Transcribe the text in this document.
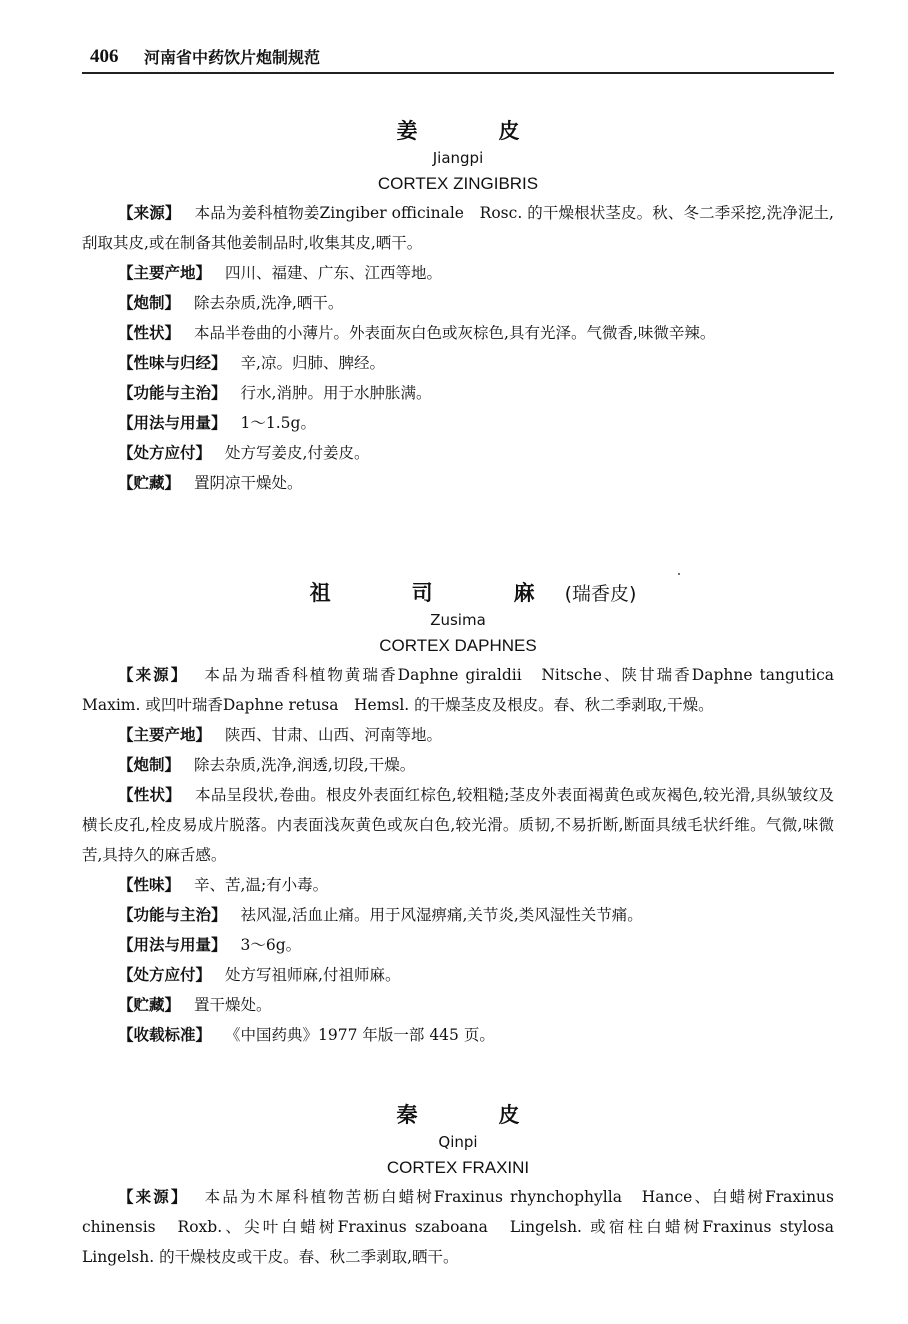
406 河南省中药饮片炮制规范
姜　皮
Jiangpi
CORTEX ZINGIBRIS

【来源】 本品为姜科植物姜Zingiber officinale　Rosc. 的干燥根状茎皮。秋、冬二季采挖,洗净泥土,刮取其皮,或在制备其他姜制品时,收集其皮,晒干。

【主要产地】 四川、福建、广东、江西等地。

【炮制】 除去杂质,洗净,晒干。

【性状】 本品半卷曲的小薄片。外表面灰白色或灰棕色,具有光泽。气微香,味微辛辣。

【性味与归经】 辛,凉。归肺、脾经。

【功能与主治】 行水,消肿。用于水肿胀满。

【用法与用量】 1～1.5g。

【处方应付】 处方写姜皮,付姜皮。

【贮藏】 置阴凉干燥处。

祖　司　麻(瑞香皮)
Zusima
CORTEX DAPHNES

【来源】 本品为瑞香科植物黄瑞香Daphne giraldii　Nitsche、陕甘瑞香Daphne tangutica　Maxim. 或凹叶瑞香Daphne retusa　Hemsl. 的干燥茎皮及根皮。春、秋二季剥取,干燥。

【主要产地】 陕西、甘肃、山西、河南等地。

【炮制】 除去杂质,洗净,润透,切段,干燥。

【性状】 本品呈段状,卷曲。根皮外表面红棕色,较粗糙;茎皮外表面褐黄色或灰褐色,较光滑,具纵皱纹及横长皮孔,栓皮易成片脱落。内表面浅灰黄色或灰白色,较光滑。质韧,不易折断,断面具绒毛状纤维。气微,味微苦,具持久的麻舌感。

【性味】 辛、苦,温;有小毒。

【功能与主治】 祛风湿,活血止痛。用于风湿痹痛,关节炎,类风湿性关节痛。

【用法与用量】 3～6g。

【处方应付】 处方写祖师麻,付祖师麻。

【贮藏】 置干燥处。

【收载标准】 《中国药典》1977 年版一部 445 页。

秦　皮
Qinpi
CORTEX FRAXINI

【来源】 本品为木犀科植物苦枥白蜡树Fraxinus rhynchophylla　Hance、白蜡树Fraxinus chinensis　Roxb.、尖叶白蜡树Fraxinus szaboana　Lingelsh. 或宿柱白蜡树Fraxinus stylosa　Lingelsh. 的干燥枝皮或干皮。春、秋二季剥取,晒干。
